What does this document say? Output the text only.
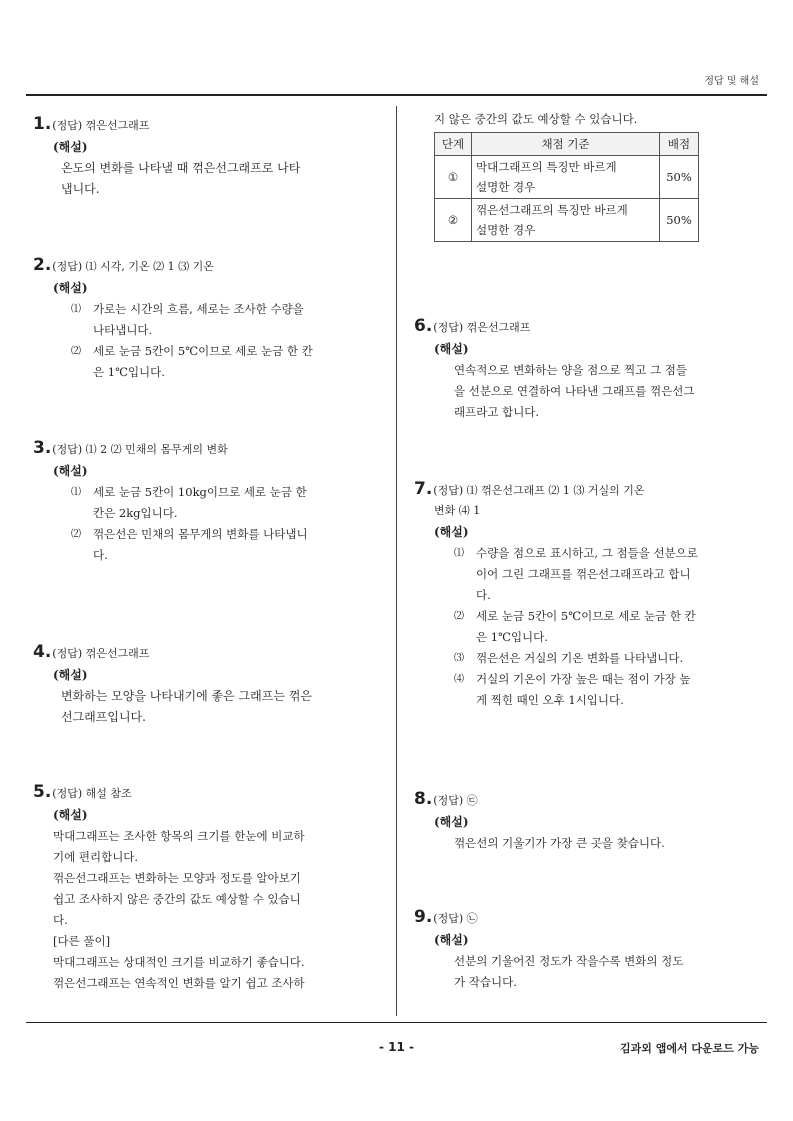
정답 및 해설
1.(정답) 꺾은선그래프
(해설)
온도의 변화를 나타낼 때 꺾은선그래프로 나타
냅니다.
2.(정답) ⑴ 시각, 기온 ⑵ 1 ⑶ 기온
(해설)
⑴ 가로는 시간의 흐름, 세로는 조사한 수량을
나타냅니다.
⑵ 세로 눈금 5칸이 5℃이므로 세로 눈금 한 칸
은 1℃입니다.
3.(정답) ⑴ 2 ⑵ 민채의 몸무게의 변화
(해설)
⑴ 세로 눈금 5칸이 10kg이므로 세로 눈금 한
칸은 2kg입니다.
⑵ 꺾은선은 민채의 몸무게의 변화를 나타냅니
다.
4.(정답) 꺾은선그래프
(해설)
변화하는 모양을 나타내기에 좋은 그래프는 꺾은
선그래프입니다.
5.(정답) 해설 참조
(해설)
막대그래프는 조사한 항목의 크기를 한눈에 비교하
기에 편리합니다.
꺾은선그래프는 변화하는 모양과 정도를 알아보기
쉽고 조사하지 않은 중간의 값도 예상할 수 있습니
다.
[다른 풀이]
막대그래프는 상대적인 크기를 비교하기 좋습니다.
꺾은선그래프는 연속적인 변화를 알기 쉽고 조사하
지 않은 중간의 값도 예상할 수 있습니다.
단계	채점 기준	배점
①	막대그래프의 특징만 바르게
설명한 경우	50%
②	꺾은선그래프의 특징만 바르게
설명한 경우	50%
6.(정답) 꺾은선그래프
(해설)
연속적으로 변화하는 양을 점으로 찍고 그 점들
을 선분으로 연결하여 나타낸 그래프를 꺾은선그
래프라고 합니다.
7.(정답) ⑴ 꺾은선그래프 ⑵ 1 ⑶ 거실의 기온
변화 ⑷ 1
(해설)
⑴ 수량을 점으로 표시하고, 그 점들을 선분으로
이어 그린 그래프를 꺾은선그래프라고 합니
다.
⑵ 세로 눈금 5칸이 5℃이므로 세로 눈금 한 칸
은 1℃입니다.
⑶ 꺾은선은 거실의 기온 변화를 나타냅니다.
⑷ 거실의 기온이 가장 높은 때는 점이 가장 높
게 찍힌 때인 오후 1시입니다.
8.(정답) ㉢
(해설)
꺾은선의 기울기가 가장 큰 곳을 찾습니다.
9.(정답) ㉡
(해설)
선분의 기울어진 정도가 작을수록 변화의 정도
가 작습니다.
- 11 -	김과외 앱에서 다운로드 가능
